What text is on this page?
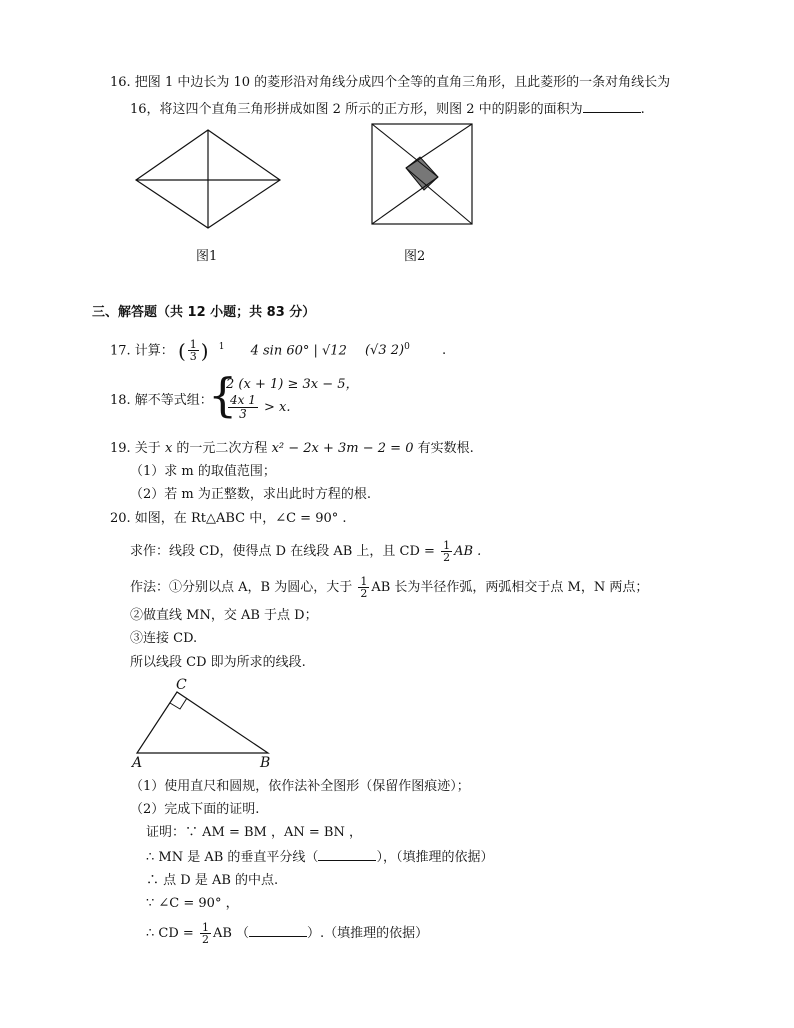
16. 把图 1 中边长为 10 的菱形沿对角线分成四个全等的直角三角形，且此菱形的一条对角线长为
16，将这四个直角三角形拼成如图 2 所示的正方形，则图 2 中的阴影的面积为	.
图1	图2
三、解答题（共 12 小题；共 83 分）
17. 计算： ( $\frac{1}{3}$ ) $^1$ 4 sin 60° | √12 (√3 2)$^0$ .
18. 解不等式组：
{
2 (x + 1) ≥ 3x − 5，
$\frac{4x 1}{3} > x$.
19. 关于 x 的一元二次方程 x² − 2x + 3m − 2 = 0 有实数根.
（1）求 m 的取值范围；
（2）若 m 为正整数，求出此时方程的根.
20. 如图，在 Rt△ABC 中，∠C = 90° .
求作：线段 CD，使得点 D 在线段 AB 上，且 CD = $\frac{1}{2}$ AB .
作法：①分别以点 A，B 为圆心，大于 $\frac{1}{2}$ AB 长为半径作弧，两弧相交于点 M，N 两点；
②做直线 MN，交 AB 于点 D；
③连接 CD.
所以线段 CD 即为所求的线段.
C
A	B
（1）使用直尺和圆规，依作法补全图形（保留作图痕迹）；
（2）完成下面的证明.
证明：∵ AM = BM ，AN = BN ，
∴ MN 是 AB 的垂直平分线（	），（填推理的依据）
∴ 点 D 是 AB 的中点.
∵ ∠C = 90° ，
∴ CD = $\frac{1}{2}$ AB （	）.（填推理的依据）
